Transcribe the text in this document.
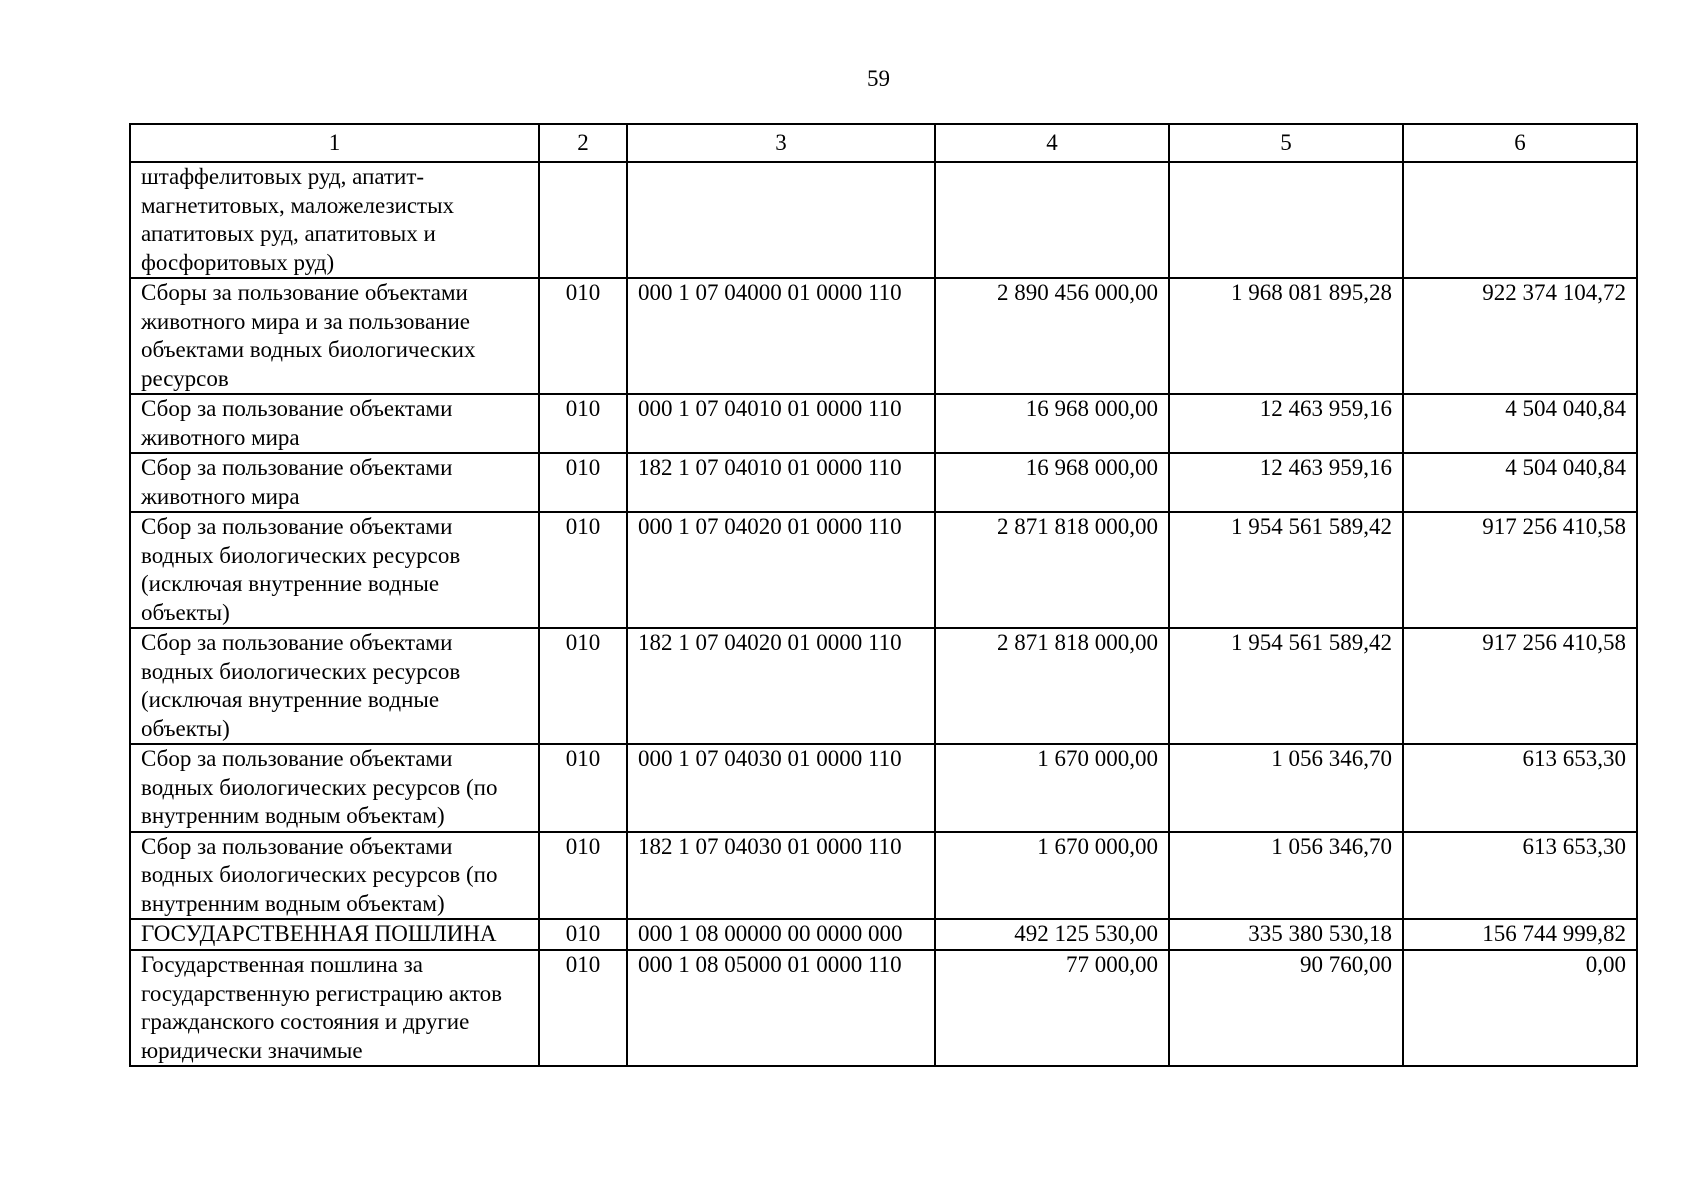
59
1	2	3	4	5	6
штаффелитовых руд, апатит-магнетитовых, маложелезистых апатитовых руд, апатитовых и фосфоритовых руд)					
Сборы за пользование объектами животного мира и за пользование объектами водных биологических ресурсов	010	000 1 07 04000 01 0000 110	2 890 456 000,00	1 968 081 895,28	922 374 104,72
Сбор за пользование объектами животного мира	010	000 1 07 04010 01 0000 110	16 968 000,00	12 463 959,16	4 504 040,84
Сбор за пользование объектами животного мира	010	182 1 07 04010 01 0000 110	16 968 000,00	12 463 959,16	4 504 040,84
Сбор за пользование объектами водных биологических ресурсов (исключая внутренние водные объекты)	010	000 1 07 04020 01 0000 110	2 871 818 000,00	1 954 561 589,42	917 256 410,58
Сбор за пользование объектами водных биологических ресурсов (исключая внутренние водные объекты)	010	182 1 07 04020 01 0000 110	2 871 818 000,00	1 954 561 589,42	917 256 410,58
Сбор за пользование объектами водных биологических ресурсов (по внутренним водным объектам)	010	000 1 07 04030 01 0000 110	1 670 000,00	1 056 346,70	613 653,30
Сбор за пользование объектами водных биологических ресурсов (по внутренним водным объектам)	010	182 1 07 04030 01 0000 110	1 670 000,00	1 056 346,70	613 653,30
ГОСУДАРСТВЕННАЯ ПОШЛИНА	010	000 1 08 00000 00 0000 000	492 125 530,00	335 380 530,18	156 744 999,82
Государственная пошлина за государственную регистрацию актов гражданского состояния и другие юридически значимые	010	000 1 08 05000 01 0000 110	77 000,00	90 760,00	0,00
